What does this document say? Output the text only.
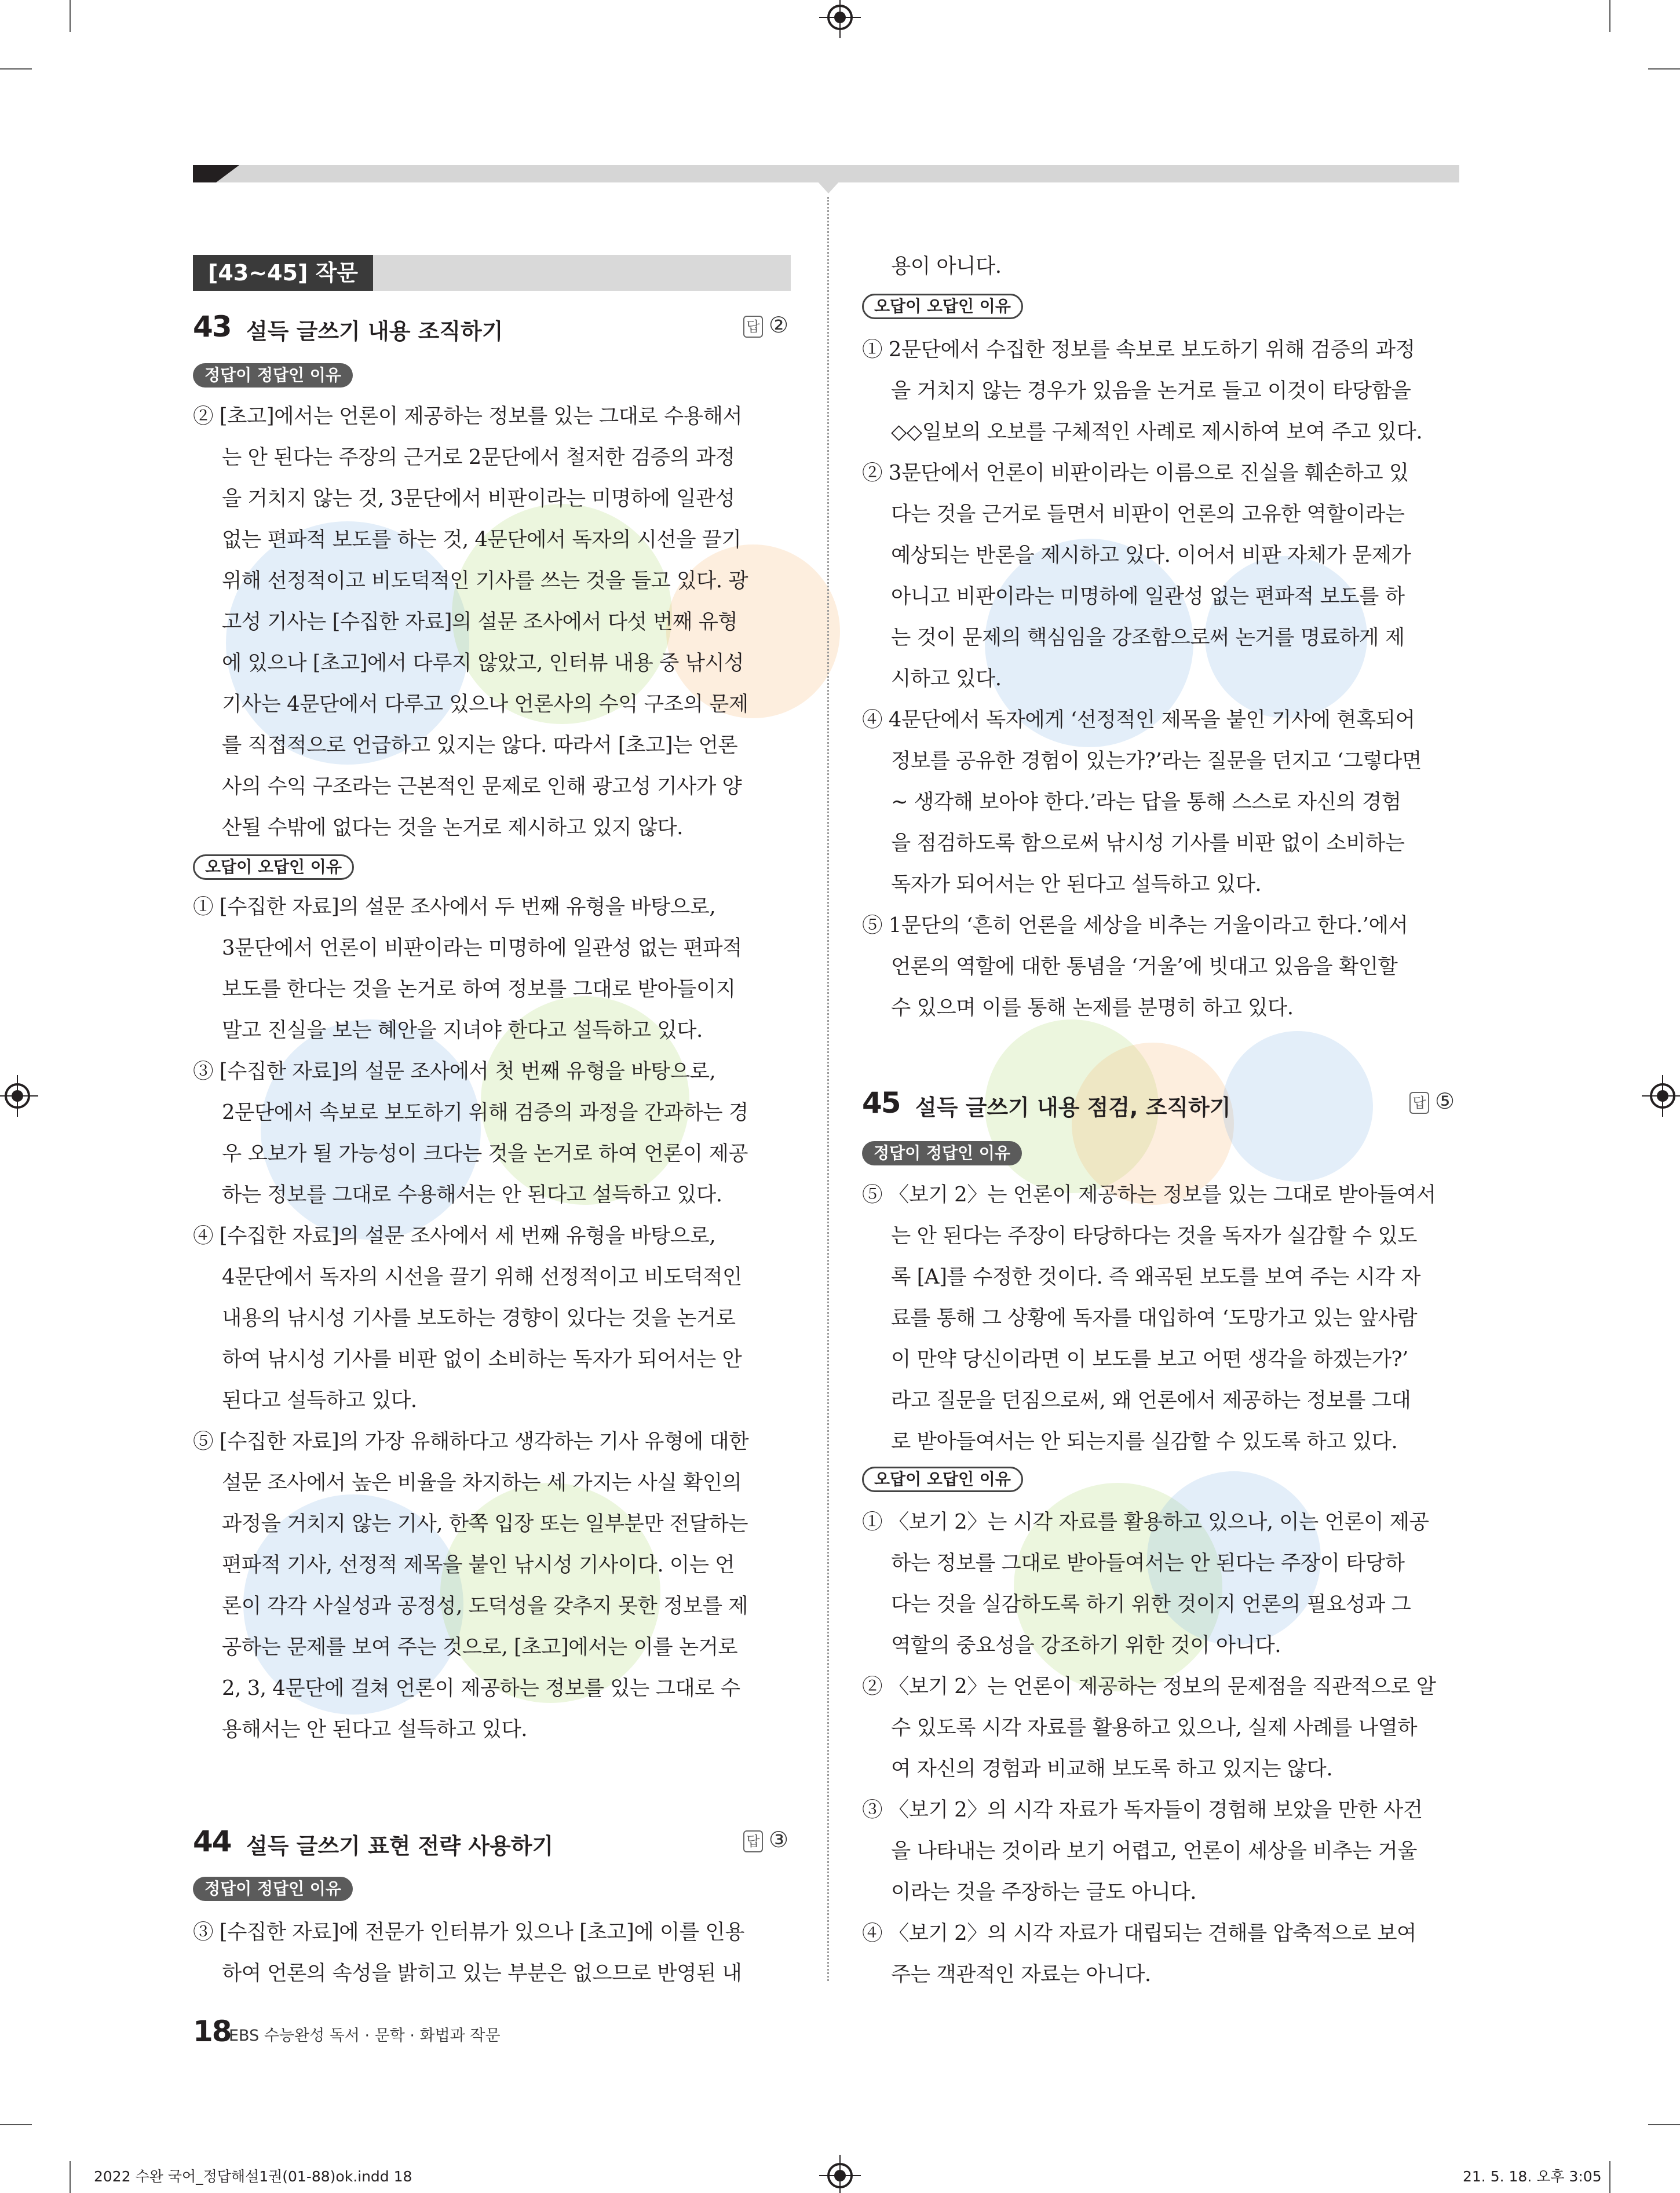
[43~45] 작문
43 설득 글쓰기 내용 조직하기	답 ②
정답이 정답인 이유
② [초고]에서는 언론이 제공하는 정보를 있는 그대로 수용해서
는 안 된다는 주장의 근거로 2문단에서 철저한 검증의 과정
을 거치지 않는 것, 3문단에서 비판이라는 미명하에 일관성
없는 편파적 보도를 하는 것, 4문단에서 독자의 시선을 끌기
위해 선정적이고 비도덕적인 기사를 쓰는 것을 들고 있다. 광
고성 기사는 [수집한 자료]의 설문 조사에서 다섯 번째 유형
에 있으나 [초고]에서 다루지 않았고, 인터뷰 내용 중 낚시성
기사는 4문단에서 다루고 있으나 언론사의 수익 구조의 문제
를 직접적으로 언급하고 있지는 않다. 따라서 [초고]는 언론
사의 수익 구조라는 근본적인 문제로 인해 광고성 기사가 양
산될 수밖에 없다는 것을 논거로 제시하고 있지 않다.
오답이 오답인 이유
① [수집한 자료]의 설문 조사에서 두 번째 유형을 바탕으로,
3문단에서 언론이 비판이라는 미명하에 일관성 없는 편파적
보도를 한다는 것을 논거로 하여 정보를 그대로 받아들이지
말고 진실을 보는 혜안을 지녀야 한다고 설득하고 있다.
③ [수집한 자료]의 설문 조사에서 첫 번째 유형을 바탕으로,
2문단에서 속보로 보도하기 위해 검증의 과정을 간과하는 경
우 오보가 될 가능성이 크다는 것을 논거로 하여 언론이 제공
하는 정보를 그대로 수용해서는 안 된다고 설득하고 있다.
④ [수집한 자료]의 설문 조사에서 세 번째 유형을 바탕으로,
4문단에서 독자의 시선을 끌기 위해 선정적이고 비도덕적인
내용의 낚시성 기사를 보도하는 경향이 있다는 것을 논거로
하여 낚시성 기사를 비판 없이 소비하는 독자가 되어서는 안
된다고 설득하고 있다.
⑤ [수집한 자료]의 가장 유해하다고 생각하는 기사 유형에 대한
설문 조사에서 높은 비율을 차지하는 세 가지는 사실 확인의
과정을 거치지 않는 기사, 한쪽 입장 또는 일부분만 전달하는
편파적 기사, 선정적 제목을 붙인 낚시성 기사이다. 이는 언
론이 각각 사실성과 공정성, 도덕성을 갖추지 못한 정보를 제
공하는 문제를 보여 주는 것으로, [초고]에서는 이를 논거로
2, 3, 4문단에 걸쳐 언론이 제공하는 정보를 있는 그대로 수
용해서는 안 된다고 설득하고 있다.
44 설득 글쓰기 표현 전략 사용하기	답 ③
정답이 정답인 이유
③ [수집한 자료]에 전문가 인터뷰가 있으나 [초고]에 이를 인용
하여 언론의 속성을 밝히고 있는 부분은 없으므로 반영된 내
용이 아니다.
오답이 오답인 이유
① 2문단에서 수집한 정보를 속보로 보도하기 위해 검증의 과정
을 거치지 않는 경우가 있음을 논거로 들고 이것이 타당함을
◇◇일보의 오보를 구체적인 사례로 제시하여 보여 주고 있다.
② 3문단에서 언론이 비판이라는 이름으로 진실을 훼손하고 있
다는 것을 근거로 들면서 비판이 언론의 고유한 역할이라는
예상되는 반론을 제시하고 있다. 이어서 비판 자체가 문제가
아니고 비판이라는 미명하에 일관성 없는 편파적 보도를 하
는 것이 문제의 핵심임을 강조함으로써 논거를 명료하게 제
시하고 있다.
④ 4문단에서 독자에게 ‘선정적인 제목을 붙인 기사에 현혹되어
정보를 공유한 경험이 있는가?’라는 질문을 던지고 ‘그렇다면
~ 생각해 보아야 한다.’라는 답을 통해 스스로 자신의 경험
을 점검하도록 함으로써 낚시성 기사를 비판 없이 소비하는
독자가 되어서는 안 된다고 설득하고 있다.
⑤ 1문단의 ‘흔히 언론을 세상을 비추는 거울이라고 한다.’에서
언론의 역할에 대한 통념을 ‘거울’에 빗대고 있음을 확인할
수 있으며 이를 통해 논제를 분명히 하고 있다.
45 설득 글쓰기 내용 점검, 조직하기	답 ⑤
정답이 정답인 이유
⑤ 〈보기 2〉는 언론이 제공하는 정보를 있는 그대로 받아들여서
는 안 된다는 주장이 타당하다는 것을 독자가 실감할 수 있도
록 [A]를 수정한 것이다. 즉 왜곡된 보도를 보여 주는 시각 자
료를 통해 그 상황에 독자를 대입하여 ‘도망가고 있는 앞사람
이 만약 당신이라면 이 보도를 보고 어떤 생각을 하겠는가?’
라고 질문을 던짐으로써, 왜 언론에서 제공하는 정보를 그대
로 받아들여서는 안 되는지를 실감할 수 있도록 하고 있다.
오답이 오답인 이유
① 〈보기 2〉는 시각 자료를 활용하고 있으나, 이는 언론이 제공
하는 정보를 그대로 받아들여서는 안 된다는 주장이 타당하
다는 것을 실감하도록 하기 위한 것이지 언론의 필요성과 그
역할의 중요성을 강조하기 위한 것이 아니다.
② 〈보기 2〉는 언론이 제공하는 정보의 문제점을 직관적으로 알
수 있도록 시각 자료를 활용하고 있으나, 실제 사례를 나열하
여 자신의 경험과 비교해 보도록 하고 있지는 않다.
③ 〈보기 2〉의 시각 자료가 독자들이 경험해 보았을 만한 사건
을 나타내는 것이라 보기 어렵고, 언론이 세상을 비추는 거울
이라는 것을 주장하는 글도 아니다.
④ 〈보기 2〉의 시각 자료가 대립되는 견해를 압축적으로 보여
주는 객관적인 자료는 아니다.
18
EBS 수능완성 독서 · 문학 · 화법과 작문
2022 수완 국어_정답해설1권(01-88)ok.indd 18	21. 5. 18. 오후 3:05
